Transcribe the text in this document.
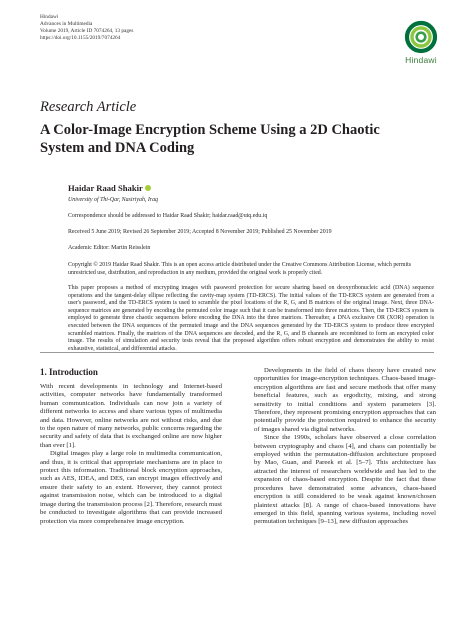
Hindawi
Advances in Multimedia
Volume 2019, Article ID 7074264, 13 pages
https://doi.org/10.1155/2019/7074264
Hindawi
Research Article
A Color-Image Encryption Scheme Using a 2D Chaotic System and DNA Coding
Haidar Raad Shakir
University of Thi-Qar, Nasiriyah, Iraq
Correspondence should be addressed to Haidar Raad Shakir; haidar.raad@utq.edu.iq
Received 5 June 2019; Revised 26 September 2019; Accepted 8 November 2019; Published 25 November 2019
Academic Editor: Martin Reisslein
Copyright © 2019 Haidar Raad Shakir. This is an open access article distributed under the Creative Commons Attribution License, which permits unrestricted use, distribution, and reproduction in any medium, provided the original work is properly cited.
This paper proposes a method of encrypting images with password protection for secure sharing based on deoxyribonucleic acid (DNA) sequence operations and the tangent-delay ellipse reflecting the cavity-map system (TD-ERCS). The initial values of the TD-ERCS system are generated from a user's password, and the TD-ERCS system is used to scramble the pixel locations of the R, G, and B matrices of the original image. Next, three DNA-sequence matrices are generated by encoding the permuted color image such that it can be transformed into three matrices. Then, the TD-ERCS system is employed to generate three chaotic sequences before encoding the DNA into the three matrices. Thereafter, a DNA exclusive OR (XOR) operation is executed between the DNA sequences of the permuted image and the DNA sequences generated by the TD-ERCS system to produce three encrypted scrambled matrices. Finally, the matrices of the DNA sequences are decoded, and the R, G, and B channels are recombined to form an encrypted color image. The results of simulation and security tests reveal that the proposed algorithm offers robust encryption and demonstrates the ability to resist exhaustive, statistical, and differential attacks.
1. Introduction

With recent developments in technology and Internet-based activities, computer networks have fundamentally transformed human communication. Individuals can now join a variety of different networks to access and share various types of multimedia and data. However, online networks are not without risks, and due to the open nature of many networks, public concerns regarding the security and safety of data that is exchanged online are now higher than ever [1].

Digital images play a large role in multimedia communication, and thus, it is critical that appropriate mechanisms are in place to protect this information. Traditional block encryption approaches, such as AES, IDEA, and DES, can encrypt images effectively and ensure their safety to an extent. However, they cannot protect against transmission noise, which can be introduced to a digital image during the transmission process [2]. Therefore, research must be conducted to investigate algorithms that can provide increased protection via more comprehensive image encryption.

Developments in the field of chaos theory have created new opportunities for image-encryption techniques. Chaos-based image-encryption algorithms are fast and secure methods that offer many beneficial features, such as ergodicity, mixing, and strong sensitivity to initial conditions and system parameters [3]. Therefore, they represent promising encryption approaches that can potentially provide the protection required to enhance the security of images shared via digital networks.

Since the 1990s, scholars have observed a close correlation between cryptography and chaos [4], and chaos can potentially be employed within the permutation-diffusion architecture proposed by Mao, Guan, and Pareek et al. [5–7]. This architecture has attracted the interest of researchers worldwide and has led to the expansion of chaos-based encryption. Despite the fact that these procedures have demonstrated some advances, chaos-based encryption is still considered to be weak against known/chosen plaintext attacks [8]. A range of chaos-based innovations have emerged in this field, spanning various systems, including novel permutation techniques [9–13], new diffusion approaches
